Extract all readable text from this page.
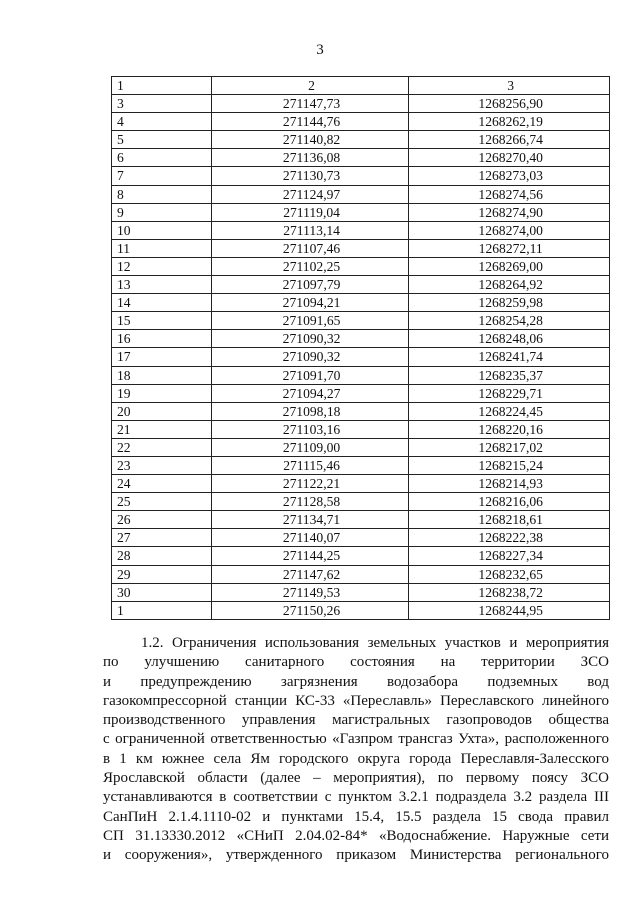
3
1	2	3
3	271147,73	1268256,90
4	271144,76	1268262,19
5	271140,82	1268266,74
6	271136,08	1268270,40
7	271130,73	1268273,03
8	271124,97	1268274,56
9	271119,04	1268274,90
10	271113,14	1268274,00
11	271107,46	1268272,11
12	271102,25	1268269,00
13	271097,79	1268264,92
14	271094,21	1268259,98
15	271091,65	1268254,28
16	271090,32	1268248,06
17	271090,32	1268241,74
18	271091,70	1268235,37
19	271094,27	1268229,71
20	271098,18	1268224,45
21	271103,16	1268220,16
22	271109,00	1268217,02
23	271115,46	1268215,24
24	271122,21	1268214,93
25	271128,58	1268216,06
26	271134,71	1268218,61
27	271140,07	1268222,38
28	271144,25	1268227,34
29	271147,62	1268232,65
30	271149,53	1268238,72
1	271150,26	1268244,95
1.2. Ограничения использования земельных участков и мероприятия
по улучшению санитарного состояния на территории ЗСО
и предупреждению загрязнения водозабора подземных вод
газокомпрессорной станции КС-33 «Переславль» Переславского линейного
производственного управления магистральных газопроводов общества
с ограниченной ответственностью «Газпром трансгаз Ухта», расположенного
в 1 км южнее села Ям городского округа города Переславля-Залесского
Ярославской области (далее – мероприятия), по первому поясу ЗСО
устанавливаются в соответствии с пунктом 3.2.1 подраздела 3.2 раздела III
СанПиН 2.1.4.1110-02 и пунктами 15.4, 15.5 раздела 15 свода правил
СП 31.13330.2012 «СНиП 2.04.02-84* «Водоснабжение. Наружные сети
и сооружения», утвержденного приказом Министерства регионального
